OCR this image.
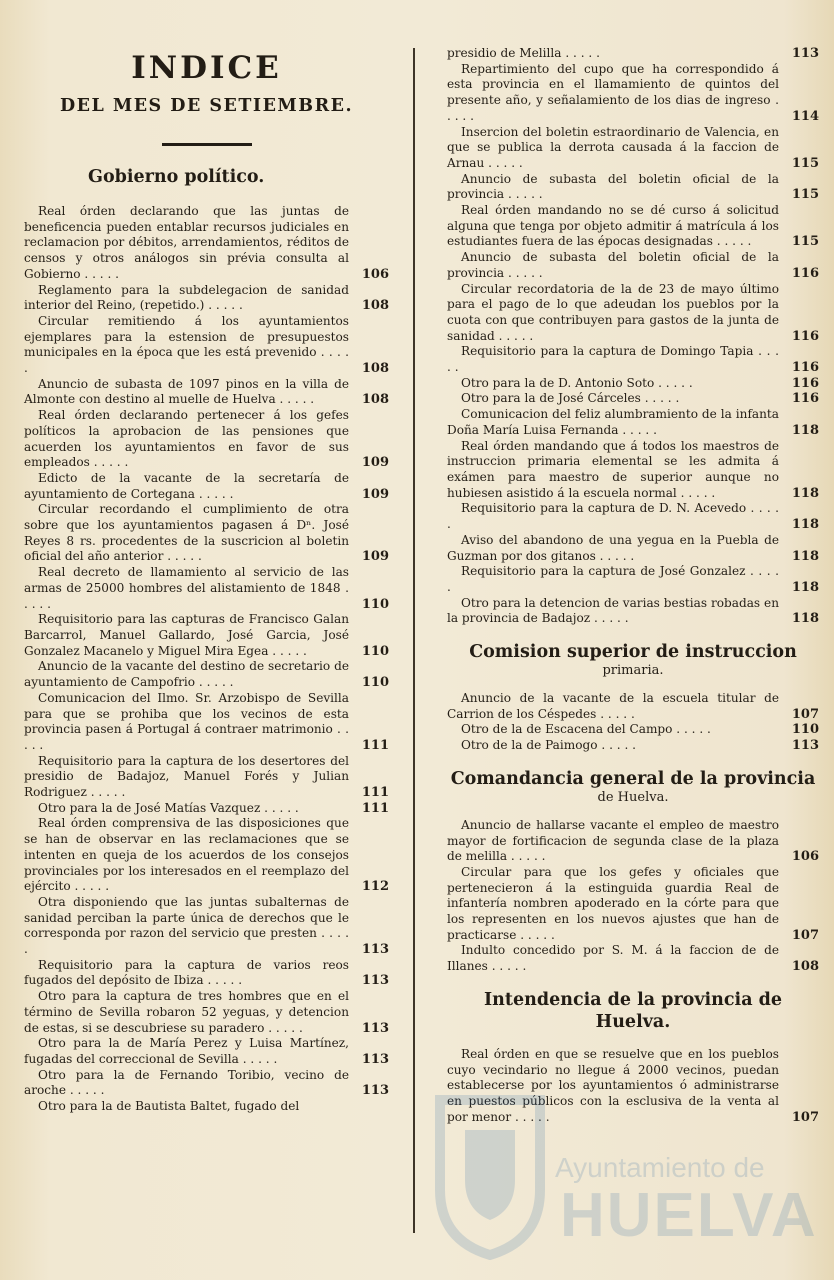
INDICE
DEL MES DE SETIEMBRE.
Gobierno político.

Real órden declarando que las juntas de beneficencia pueden entablar recursos judiciales en reclamacion por débitos, arrendamientos, réditos de censos y otros análogos sin prévia consulta al Gobierno . . . . .	106

Reglamento para la subdelegacion de sanidad interior del Reino, (repetido.) . . . . .	108

Circular remitiendo á los ayuntamientos ejemplares para la estension de presupuestos municipales en la época que les está prevenido . . . . .	108

Anuncio de subasta de 1097 pinos en la villa de Almonte con destino al muelle de Huelva . . . . .	108

Real órden declarando pertenecer á los gefes políticos la aprobacion de las pensiones que acuerden los ayuntamientos en favor de sus empleados . . . . .	109

Edicto de la vacante de la secretaría de ayuntamiento de Cortegana . . . . .	109

Circular recordando el cumplimiento de otra sobre que los ayuntamientos pagasen á Dⁿ. José Reyes 8 rs. procedentes de la suscricion al boletin oficial del año anterior . . . . .	109

Real decreto de llamamiento al servicio de las armas de 25000 hombres del alistamiento de 1848 . . . . .	110

Requisitorio para las capturas de Francisco Galan Barcarrol, Manuel Gallardo, José Garcia, José Gonzalez Macanelo y Miguel Mira Egea . . . . .	110

Anuncio de la vacante del destino de secretario de ayuntamiento de Campofrio . . . . .	110

Comunicacion del Ilmo. Sr. Arzobispo de Sevilla para que se prohiba que los vecinos de esta provincia pasen á Portugal á contraer matrimonio . . . . .	111

Requisitorio para la captura de los desertores del presidio de Badajoz, Manuel Forés y Julian Rodriguez . . . . .	111

Otro para la de José Matías Vazquez . . . . .	111

Real órden comprensiva de las disposiciones que se han de observar en las reclamaciones que se intenten en queja de los acuerdos de los consejos provinciales por los interesados en el reemplazo del ejército . . . . .	112

Otra disponiendo que las juntas subalternas de sanidad perciban la parte única de derechos que le corresponda por razon del servicio que presten . . . . .	113

Requisitorio para la captura de varios reos fugados del depósito de Ibiza . . . . .	113

Otro para la captura de tres hombres que en el término de Sevilla robaron 52 yeguas, y detencion de estas, si se descubriese su paradero . . . . .	113

Otro para la de María Perez y Luisa Martínez, fugadas del correccional de Sevilla . . . . .	113

Otro para la de Fernando Toribio, vecino de aroche . . . . .	113

Otro para la de Bautista Baltet, fugado del

presidio de Melilla . . . . .	113

Repartimiento del cupo que ha correspondido á esta provincia en el llamamiento de quintos del presente año, y señalamiento de los dias de ingreso . . . . .	114

Insercion del boletin estraordinario de Valencia, en que se publica la derrota causada á la faccion de Arnau . . . . .	115

Anuncio de subasta del boletin oficial de la provincia . . . . .	115

Real órden mandando no se dé curso á solicitud alguna que tenga por objeto admitir á matrícula á los estudiantes fuera de las épocas designadas . . . . .	115

Anuncio de subasta del boletin oficial de la provincia . . . . .	116

Circular recordatoria de la de 23 de mayo último para el pago de lo que adeudan los pueblos por la cuota con que contribuyen para gastos de la junta de sanidad . . . . .	116

Requisitorio para la captura de Domingo Tapia . . . . .	116

Otro para la de D. Antonio Soto . . . . .	116

Otro para la de José Cárceles . . . . .	116

Comunicacion del feliz alumbramiento de la infanta Doña María Luisa Fernanda . . . . .	118

Real órden mandando que á todos los maestros de instruccion primaria elemental se les admita á exámen para maestro de superior aunque no hubiesen asistido á la escuela normal . . . . .	118

Requisitorio para la captura de D. N. Acevedo . . . . .	118

Aviso del abandono de una yegua en la Puebla de Guzman por dos gitanos . . . . .	118

Requisitorio para la captura de José Gonzalez . . . . .	118

Otro para la detencion de varias bestias robadas en la provincia de Badajoz . . . . .	118

Comision superior de instruccion
primaria.

Anuncio de la vacante de la escuela titular de Carrion de los Céspedes . . . . .	107

Otro de la de Escacena del Campo . . . . .	110

Otro de la de Paimogo . . . . .	113

Comandancia general de la provincia
de Huelva.

Anuncio de hallarse vacante el empleo de maestro mayor de fortificacion de segunda clase de la plaza de melilla . . . . .	106

Circular para que los gefes y oficiales que pertenecieron á la estinguida guardia Real de infantería nombren apoderado en la córte para que los representen en los nuevos ajustes que han de practicarse . . . . .	107

Indulto concedido por S. M. á la faccion de de Illanes . . . . .	108

Intendencia de la provincia de Huelva.

Real órden en que se resuelve que en los pueblos cuyo vecindario no llegue á 2000 vecinos, puedan establecerse por los ayuntamientos ó administrarse en puestos públicos con la esclusiva de la venta al por menor . . . . .	107

Ayuntamiento de
HUELVA
